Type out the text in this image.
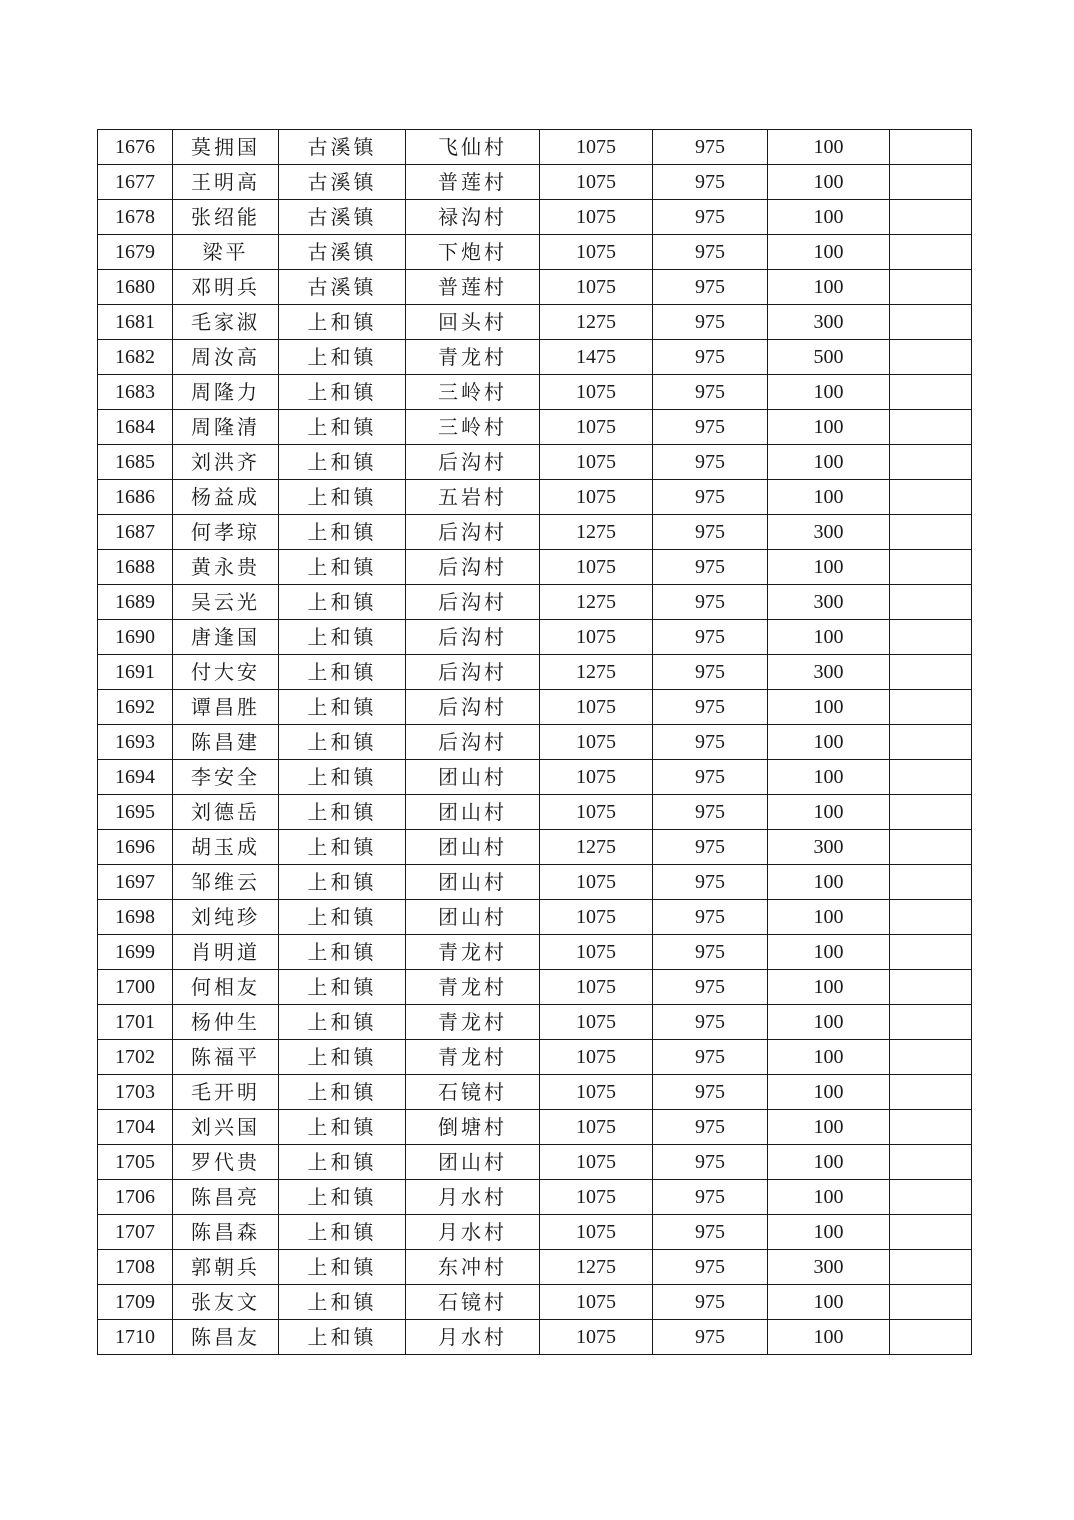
1676	莫拥国	古溪镇	飞仙村	1075	975	100	
1677	王明高	古溪镇	普莲村	1075	975	100	
1678	张绍能	古溪镇	禄沟村	1075	975	100	
1679	梁平	古溪镇	下炮村	1075	975	100	
1680	邓明兵	古溪镇	普莲村	1075	975	100	
1681	毛家淑	上和镇	回头村	1275	975	300	
1682	周汝高	上和镇	青龙村	1475	975	500	
1683	周隆力	上和镇	三岭村	1075	975	100	
1684	周隆清	上和镇	三岭村	1075	975	100	
1685	刘洪齐	上和镇	后沟村	1075	975	100	
1686	杨益成	上和镇	五岩村	1075	975	100	
1687	何孝琼	上和镇	后沟村	1275	975	300	
1688	黄永贵	上和镇	后沟村	1075	975	100	
1689	吴云光	上和镇	后沟村	1275	975	300	
1690	唐逢国	上和镇	后沟村	1075	975	100	
1691	付大安	上和镇	后沟村	1275	975	300	
1692	谭昌胜	上和镇	后沟村	1075	975	100	
1693	陈昌建	上和镇	后沟村	1075	975	100	
1694	李安全	上和镇	团山村	1075	975	100	
1695	刘德岳	上和镇	团山村	1075	975	100	
1696	胡玉成	上和镇	团山村	1275	975	300	
1697	邹维云	上和镇	团山村	1075	975	100	
1698	刘纯珍	上和镇	团山村	1075	975	100	
1699	肖明道	上和镇	青龙村	1075	975	100	
1700	何相友	上和镇	青龙村	1075	975	100	
1701	杨仲生	上和镇	青龙村	1075	975	100	
1702	陈福平	上和镇	青龙村	1075	975	100	
1703	毛开明	上和镇	石镜村	1075	975	100	
1704	刘兴国	上和镇	倒塘村	1075	975	100	
1705	罗代贵	上和镇	团山村	1075	975	100	
1706	陈昌亮	上和镇	月水村	1075	975	100	
1707	陈昌森	上和镇	月水村	1075	975	100	
1708	郭朝兵	上和镇	东冲村	1275	975	300	
1709	张友文	上和镇	石镜村	1075	975	100	
1710	陈昌友	上和镇	月水村	1075	975	100	
